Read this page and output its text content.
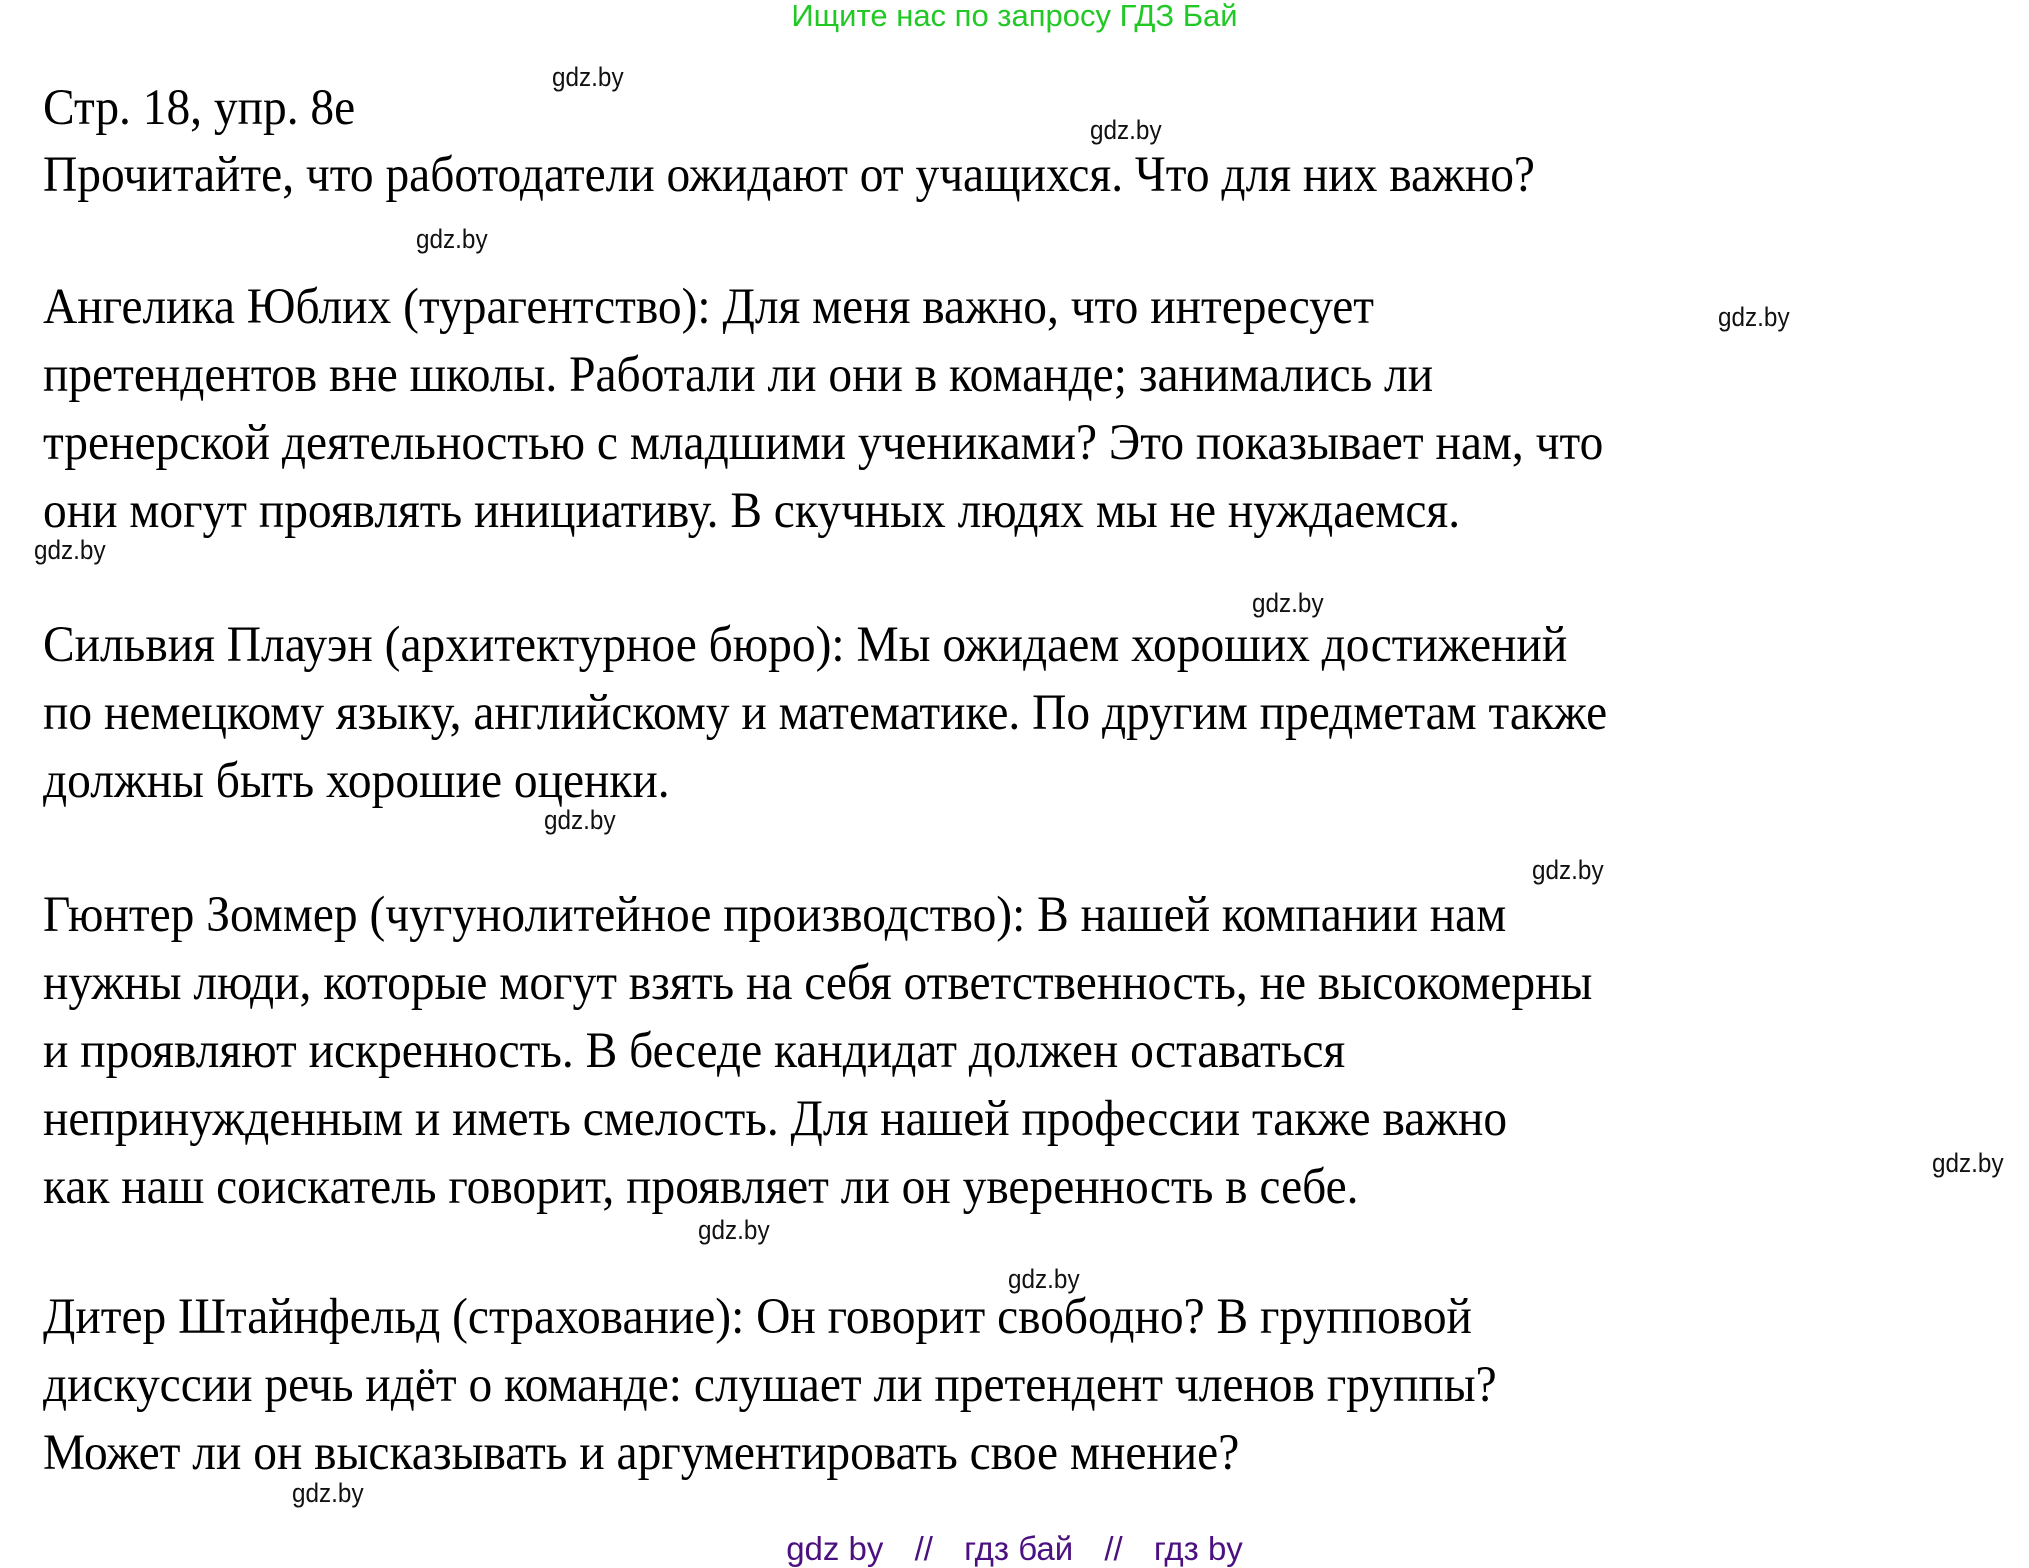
Ищите нас по запросу ГДЗ Бай
Стр. 18, упр. 8е
Прочитайте, что работодатели ожидают от учащихся. Что для них важно?
Ангелика Юблих (турагентство): Для меня важно, что интересует
претендентов вне школы. Работали ли они в команде; занимались ли
тренерской деятельностью с младшими учениками? Это показывает нам, что
они могут проявлять инициативу. В скучных людях мы не нуждаемся.
Сильвия Плауэн (архитектурное бюро): Мы ожидаем хороших достижений
по немецкому языку, английскому и математике. По другим предметам также
должны быть хорошие оценки.
Гюнтер Зоммер (чугунолитейное производство): В нашей компании нам
нужны люди, которые могут взять на себя ответственность, не высокомерны
и проявляют искренность. В беседе кандидат должен оставаться
непринужденным и иметь смелость. Для нашей профессии также важно
как наш соискатель говорит, проявляет ли он уверенность в себе.
Дитер Штайнфельд (страхование): Он говорит свободно? В групповой
дискуссии речь идёт о команде: слушает ли претендент членов группы?
Может ли он высказывать и аргументировать свое мнение?
gdz.by
gdz.by
gdz.by
gdz.by
gdz.by
gdz.by
gdz.by
gdz.by
gdz.by
gdz.by
gdz.by
gdz.by
gdz by // гдз бай // гдз by
